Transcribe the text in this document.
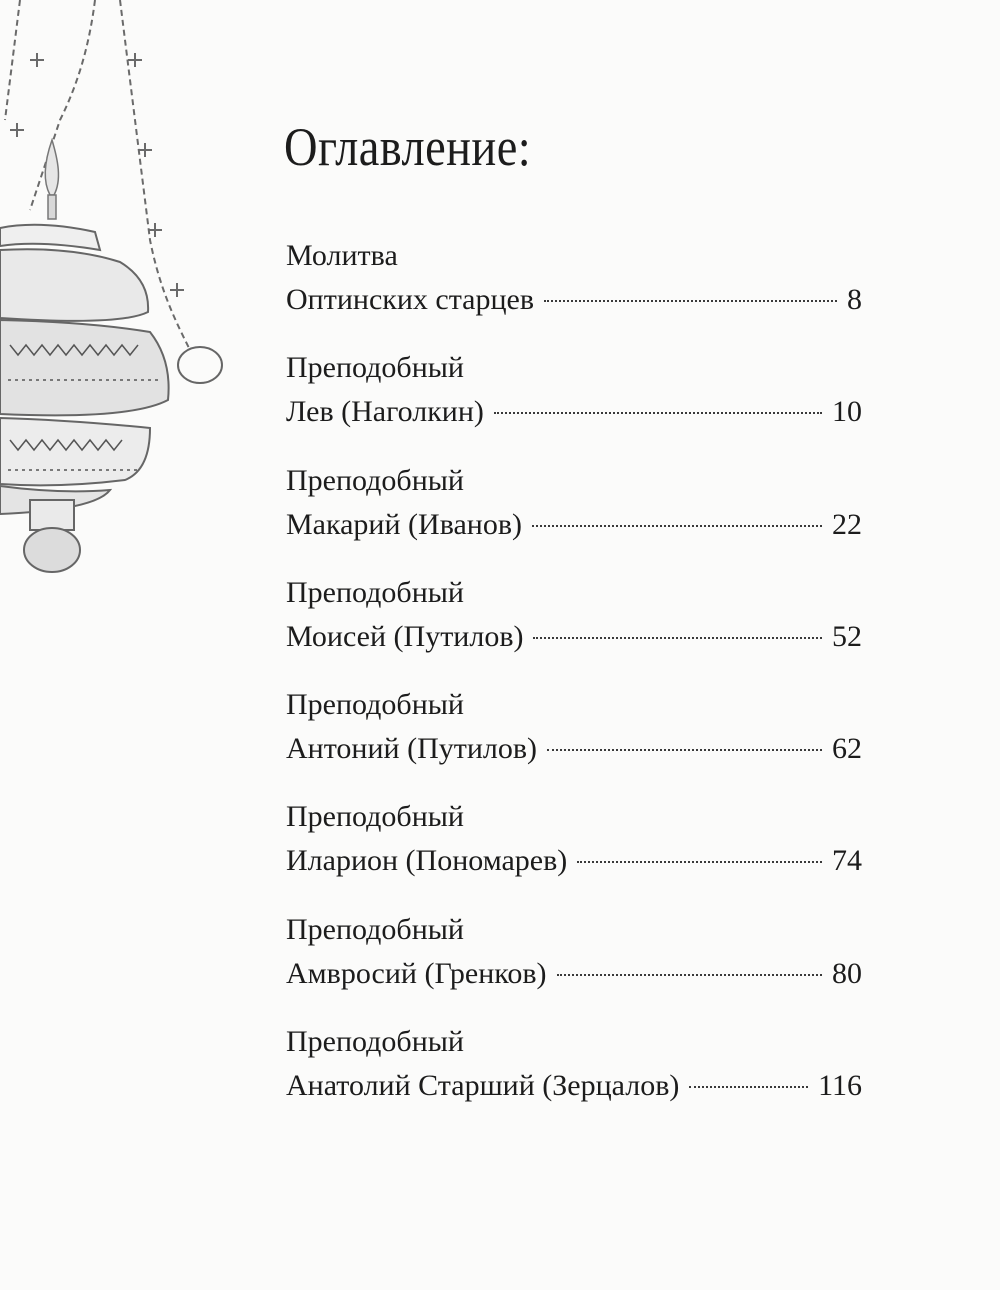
Оглавление:
Молитва
Оптинских старцев	8
Преподобный
Лев (Наголкин)	10
Преподобный
Макарий (Иванов)	22
Преподобный
Моисей (Путилов)	52
Преподобный
Антоний (Путилов)	62
Преподобный
Иларион (Пономарев)	74
Преподобный
Амвросий (Гренков)	80
Преподобный
Анатолий Старший (Зерцалов)	116
